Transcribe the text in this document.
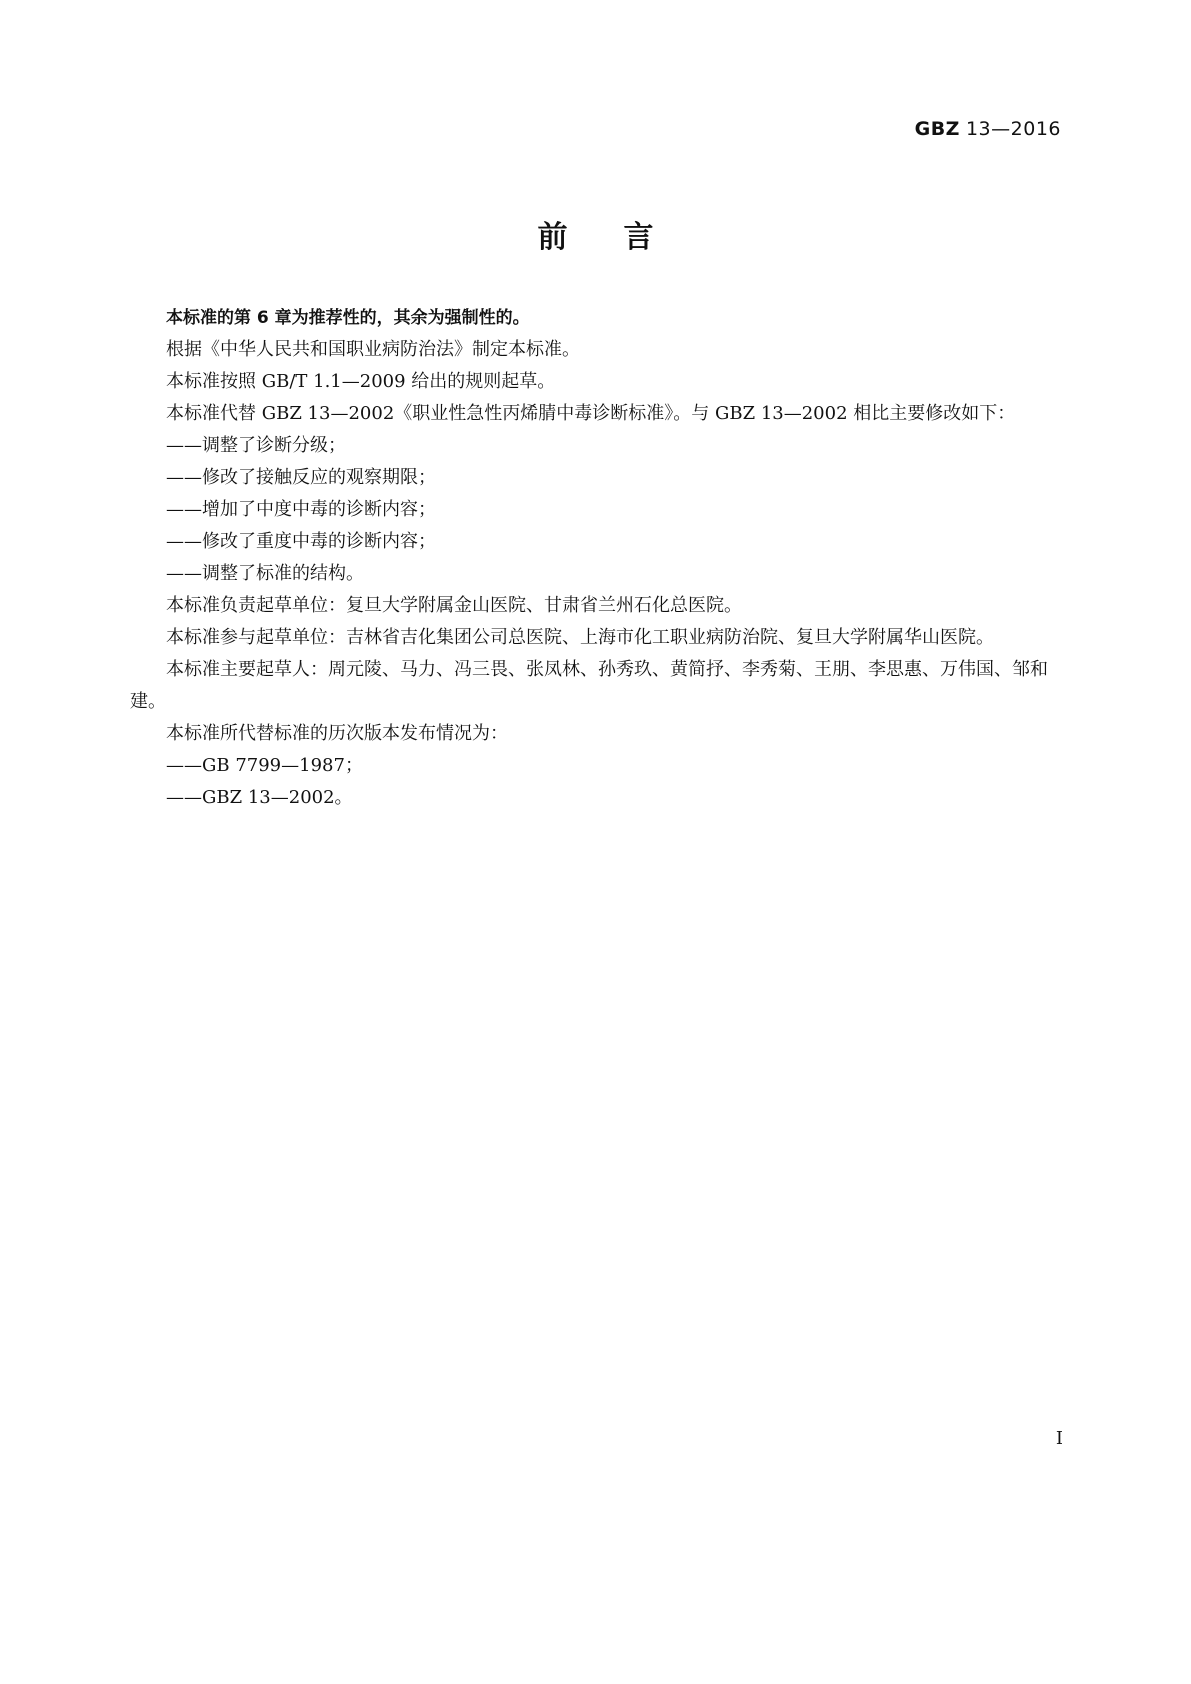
GBZ 13—2016
前言

本标准的第 6 章为推荐性的，其余为强制性的。

根据《中华人民共和国职业病防治法》制定本标准。

本标准按照 GB/T 1.1—2009 给出的规则起草。

本标准代替 GBZ 13—2002《职业性急性丙烯腈中毒诊断标准》。与 GBZ 13—2002 相比主要修改如下：

——调整了诊断分级；

——修改了接触反应的观察期限；

——增加了中度中毒的诊断内容；

——修改了重度中毒的诊断内容；

——调整了标准的结构。

本标准负责起草单位：复旦大学附属金山医院、甘肃省兰州石化总医院。

本标准参与起草单位：吉林省吉化集团公司总医院、上海市化工职业病防治院、复旦大学附属华山医院。

本标准主要起草人：周元陵、马力、冯三畏、张凤林、孙秀玖、黄简抒、李秀菊、王朋、李思惠、万伟国、邹和建。

本标准所代替标准的历次版本发布情况为：

——GB 7799—1987；

——GBZ 13—2002。

I
